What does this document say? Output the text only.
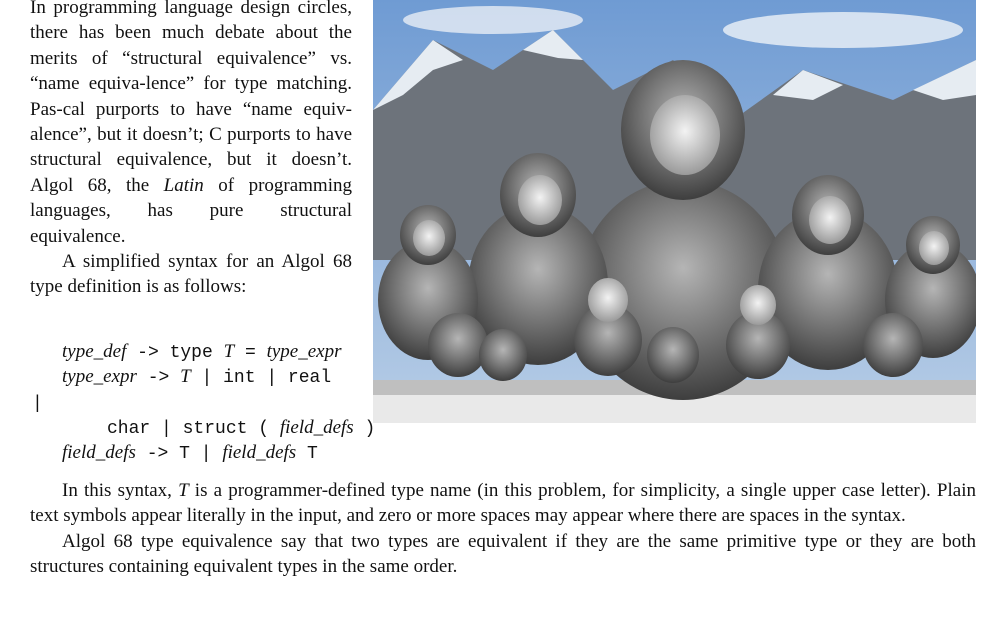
In programming language design circles, there has been much debate about the merits of “structural equivalence” vs. “name equiva-lence” for type matching. Pas-cal purports to have “name equiv-alence”, but it doesn’t; C purports to have structural equivalence, but it doesn’t. Algol 68, the Latin of programming languages, has pure structural equivalence.

A simplified syntax for an Algol 68 type definition is as follows:

type_def -> type T = type_expr
type_expr -> T | int | real
|
char | struct ( field_defs )
field_defs -> T | field_defs T

In this syntax, T is a programmer-defined type name (in this problem, for simplicity, a single upper case letter). Plain text symbols appear literally in the input, and zero or more spaces may appear where there are spaces in the syntax.

Algol 68 type equivalence say that two types are equivalent if they are the same primitive type or they are both structures containing equivalent types in the same order.
